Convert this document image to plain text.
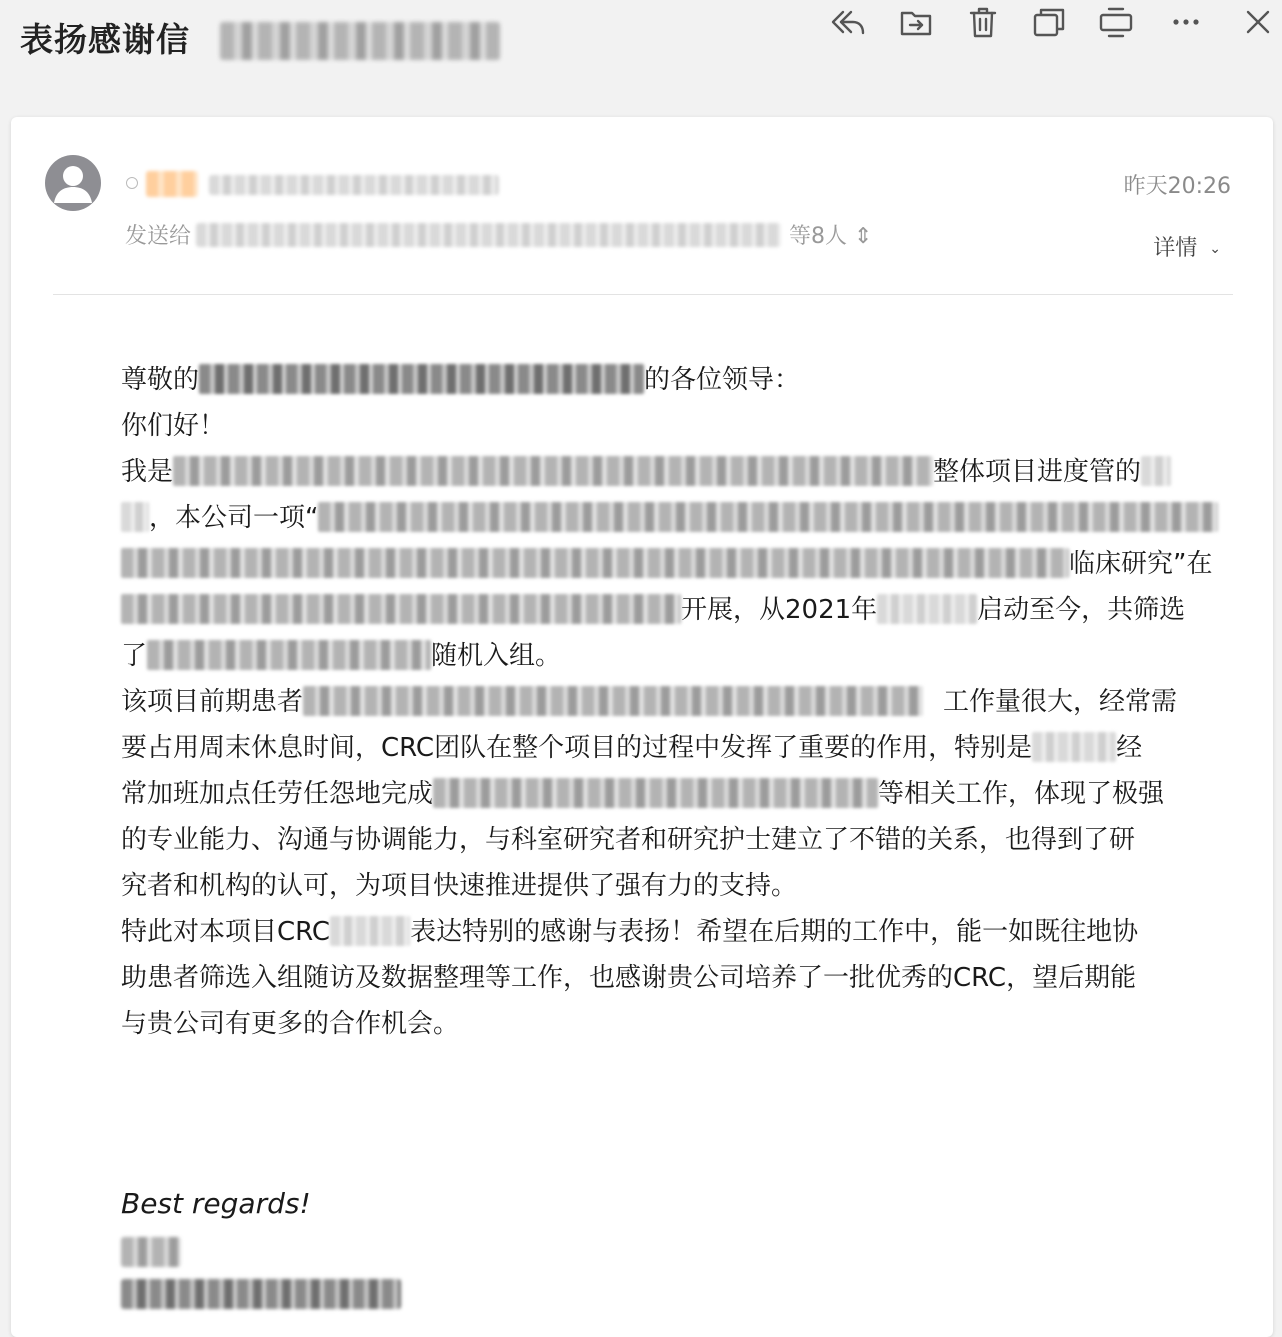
表扬感谢信
昨天20:26
发送给	等8人 ⇕	详情 ⌄
尊敬的	的各位领导：
你们好！
我是	整体项目进度管的
，本公司一项“
临床研究”在
开展，从2021年	启动至今，共筛选
了	随机入组。
该项目前期患者	工作量很大，经常需
要占用周末休息时间，CRC团队在整个项目的过程中发挥了重要的作用，特别是	经
常加班加点任劳任怨地完成	等相关工作，体现了极强
的专业能力、沟通与协调能力，与科室研究者和研究护士建立了不错的关系，也得到了研
究者和机构的认可，为项目快速推进提供了强有力的支持。
特此对本项目CRC	表达特别的感谢与表扬！希望在后期的工作中，能一如既往地协
助患者筛选入组随访及数据整理等工作，也感谢贵公司培养了一批优秀的CRC，望后期能
与贵公司有更多的合作机会。
Best regards!
